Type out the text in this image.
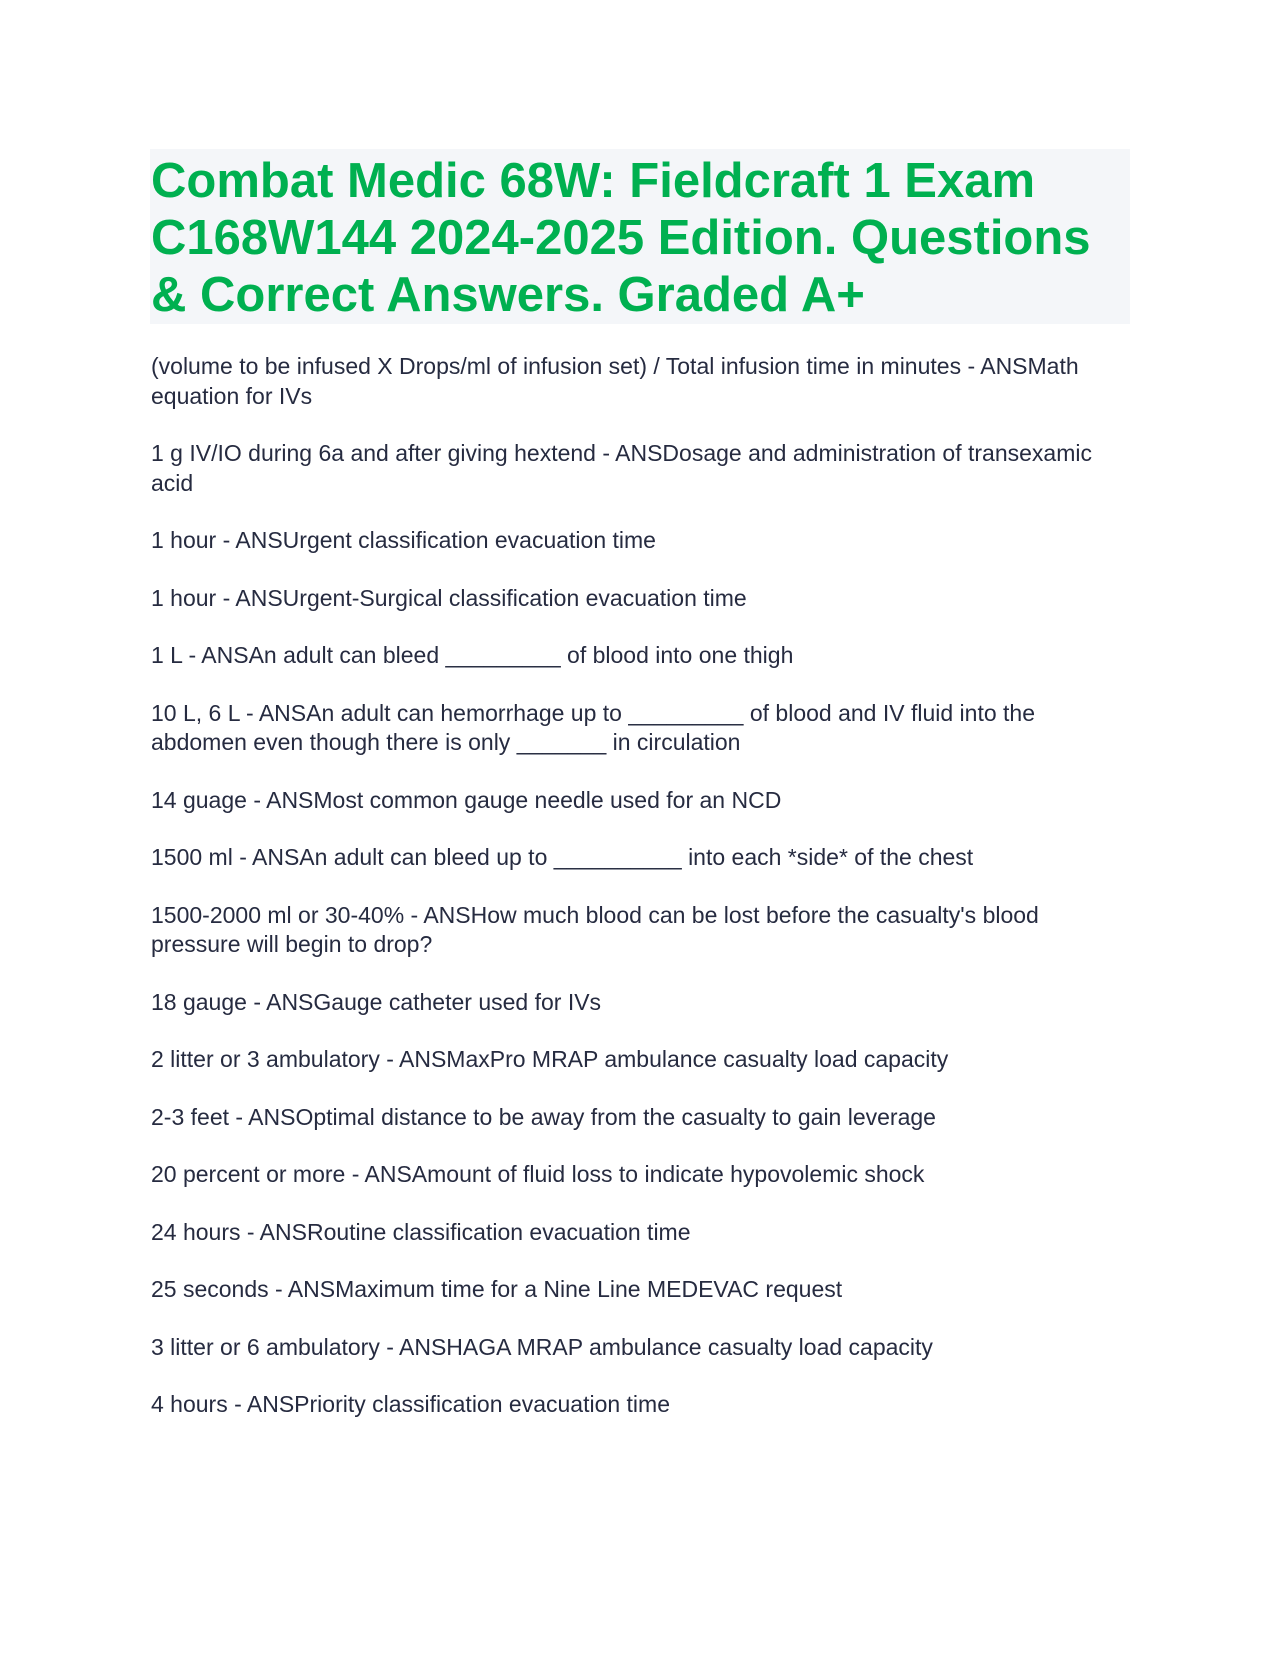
Combat Medic 68W: Fieldcraft 1 Exam C168W144 2024-2025 Edition. Questions & Correct Answers. Graded A+

(volume to be infused X Drops/ml of infusion set) / Total infusion time in minutes - ANSMath equation for IVs

1 g IV/IO during 6a and after giving hextend - ANSDosage and administration of transexamic acid

1 hour - ANSUrgent classification evacuation time

1 hour - ANSUrgent-Surgical classification evacuation time

1 L - ANSAn adult can bleed _________ of blood into one thigh

10 L, 6 L - ANSAn adult can hemorrhage up to _________ of blood and IV fluid into the abdomen even though there is only _______ in circulation

14 guage - ANSMost common gauge needle used for an NCD

1500 ml - ANSAn adult can bleed up to __________ into each *side* of the chest

1500-2000 ml or 30-40% - ANSHow much blood can be lost before the casualty's blood pressure will begin to drop?

18 gauge - ANSGauge catheter used for IVs

2 litter or 3 ambulatory - ANSMaxPro MRAP ambulance casualty load capacity

2-3 feet - ANSOptimal distance to be away from the casualty to gain leverage

20 percent or more - ANSAmount of fluid loss to indicate hypovolemic shock

24 hours - ANSRoutine classification evacuation time

25 seconds - ANSMaximum time for a Nine Line MEDEVAC request

3 litter or 6 ambulatory - ANSHAGA MRAP ambulance casualty load capacity

4 hours - ANSPriority classification evacuation time
